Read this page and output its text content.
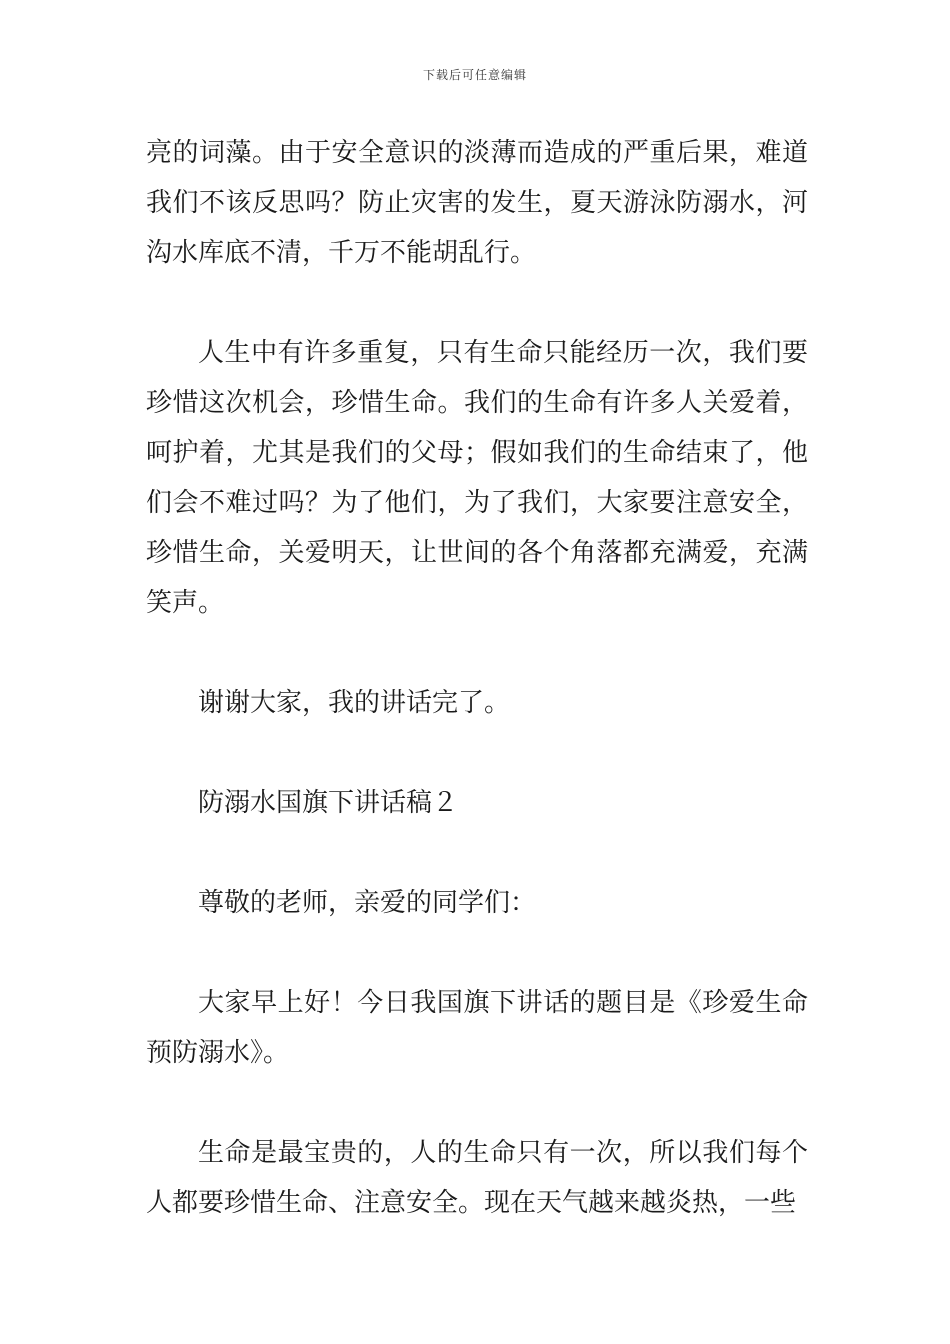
下载后可任意编辑

亮的词藻。由于安全意识的淡薄而造成的严重后果，难道我们不该反思吗？防止灾害的发生，夏天游泳防溺水，河沟水库底不清，千万不能胡乱行。

人生中有许多重复，只有生命只能经历一次，我们要珍惜这次机会，珍惜生命。我们的生命有许多人关爱着，呵护着，尤其是我们的父母；假如我们的生命结束了，他们会不难过吗？为了他们，为了我们，大家要注意安全，珍惜生命，关爱明天，让世间的各个角落都充满爱，充满笑声。

谢谢大家，我的讲话完了。

防溺水国旗下讲话稿２

尊敬的老师，亲爱的同学们：

大家早上好！今日我国旗下讲话的题目是《珍爱生命预防溺水》。

生命是最宝贵的，人的生命只有一次，所以我们每个人都要珍惜生命、注意安全。现在天气越来越炎热，一些
